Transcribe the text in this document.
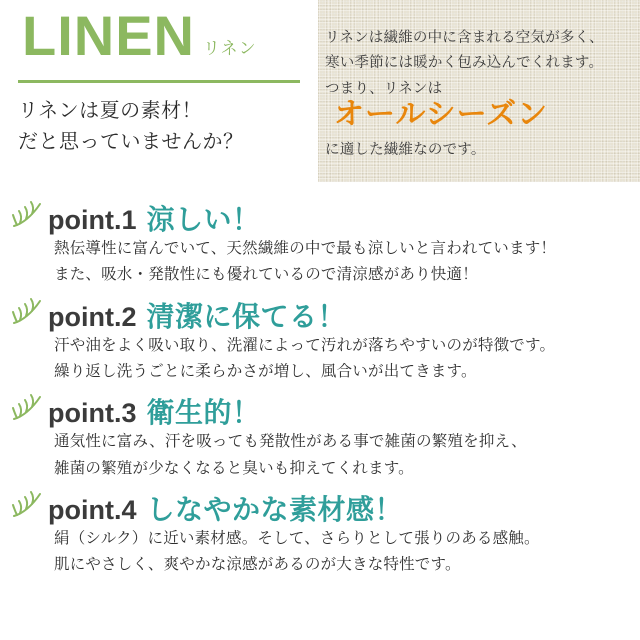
LINEN リネン
リネンは夏の素材！
だと思っていませんか？
リネンは繊維の中に含まれる空気が多く、
寒い季節には暖かく包み込んでくれます。
つまり、リネンは
オールシーズン
に適した繊維なのです。
point.1 涼しい！
熱伝導性に富んでいて、天然繊維の中で最も涼しいと言われています！
また、吸水・発散性にも優れているので清涼感があり快適！
point.2 清潔に保てる！
汗や油をよく吸い取り、洗濯によって汚れが落ちやすいのが特徴です。
繰り返し洗うごとに柔らかさが増し、風合いが出てきます。
point.3 衛生的！
通気性に富み、汗を吸っても発散性がある事で雑菌の繁殖を抑え、
雑菌の繁殖が少なくなると臭いも抑えてくれます。
point.4 しなやかな素材感！
絹（シルク）に近い素材感。そして、さらりとして張りのある感触。
肌にやさしく、爽やかな涼感があるのが大きな特性です。
